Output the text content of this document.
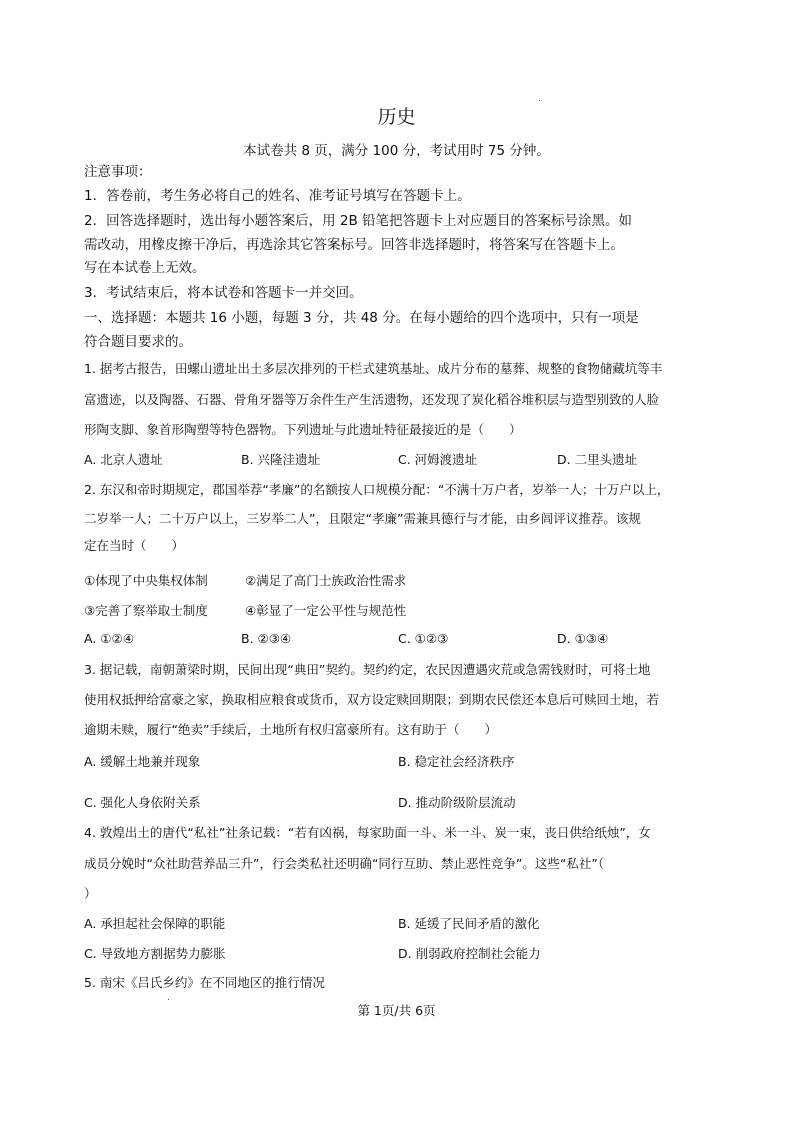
历史
本试卷共 8 页，满分 100 分，考试用时 75 分钟。
注意事项：
1．答卷前，考生务必将自己的姓名、准考证号填写在答题卡上。
2．回答选择题时，选出每小题答案后，用 2B 铅笔把答题卡上对应题目的答案标号涂黑。如
需改动，用橡皮擦干净后，再选涂其它答案标号。回答非选择题时，将答案写在答题卡上。
写在本试卷上无效。
3．考试结束后，将本试卷和答题卡一并交回。
一、选择题：本题共 16 小题，每题 3 分，共 48 分。在每小题给的四个选项中，只有一项是
符合题目要求的。
1. 据考古报告，田螺山遗址出土多层次排列的干栏式建筑基址、成片分布的墓葬、规整的食物储藏坑等丰
富遗迹，以及陶器、石器、骨角牙器等万余件生产生活遗物，还发现了炭化稻谷堆积层与造型别致的人脸
形陶支脚、象首形陶塑等特色器物。下列遗址与此遗址特征最接近的是（　　）
A. 北京人遗址	B. 兴隆洼遗址	C. 河姆渡遗址	D. 二里头遗址
2. 东汉和帝时期规定，郡国举荐“孝廉”的名额按人口规模分配：“不满十万户者，岁举一人；十万户以上，
二岁举一人；二十万户以上，三岁举二人”，且限定“孝廉”需兼具德行与才能，由乡闾评议推荐。该规
定在当时（　　）
①体现了中央集权体制	②满足了高门士族政治性需求
③完善了察举取士制度	④彰显了一定公平性与规范性
A. ①②④	B. ②③④	C. ①②③	D. ①③④
3. 据记载，南朝萧梁时期，民间出现“典田”契约。契约约定，农民因遭遇灾荒或急需钱财时，可将土地
使用权抵押给富豪之家，换取相应粮食或货币，双方设定赎回期限；到期农民偿还本息后可赎回土地，若
逾期未赎，履行“绝卖”手续后，土地所有权归富豪所有。这有助于（　　）
A. 缓解土地兼并现象	B. 稳定社会经济秩序
C. 强化人身依附关系	D. 推动阶级阶层流动
4. 敦煌出土的唐代“私社”社条记载：“若有凶祸，每家助面一斗、米一斗、炭一束，丧日供给纸烛”，女
成员分娩时“众社助营养品三升”，行会类私社还明确“同行互助、禁止恶性竞争”。这些“私社”（
）
A. 承担起社会保障的职能	B. 延缓了民间矛盾的激化
C. 导致地方割据势力膨胀	D. 削弱政府控制社会能力
5. 南宋《吕氏乡约》在不同地区的推行情况
第 1页/共 6页
